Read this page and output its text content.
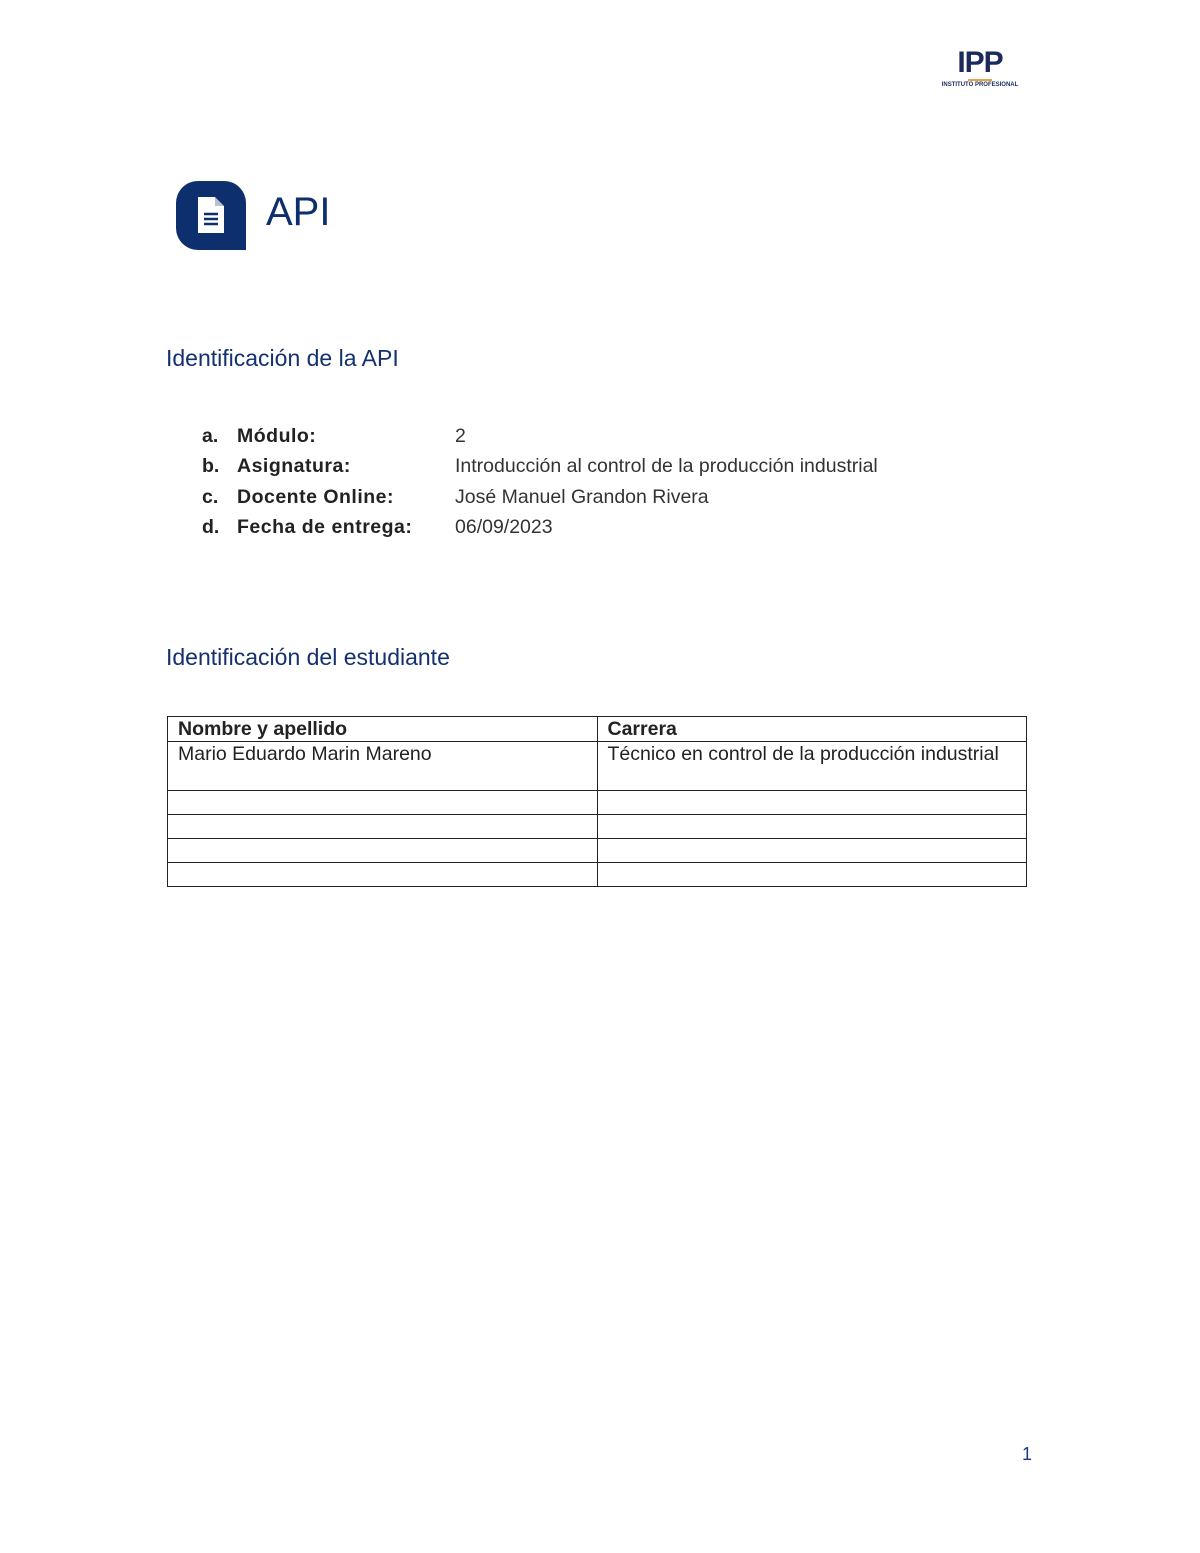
IPP
INSTITUTO PROFESIONAL
API
Identificación de la API
a. Módulo:	2
b. Asignatura:	Introducción al control de la producción industrial
c. Docente Online:	José Manuel Grandon Rivera
d. Fecha de entrega:	06/09/2023
Identificación del estudiante
Nombre y apellido	Carrera
Mario Eduardo Marin Mareno	Técnico en control de la producción industrial

1
